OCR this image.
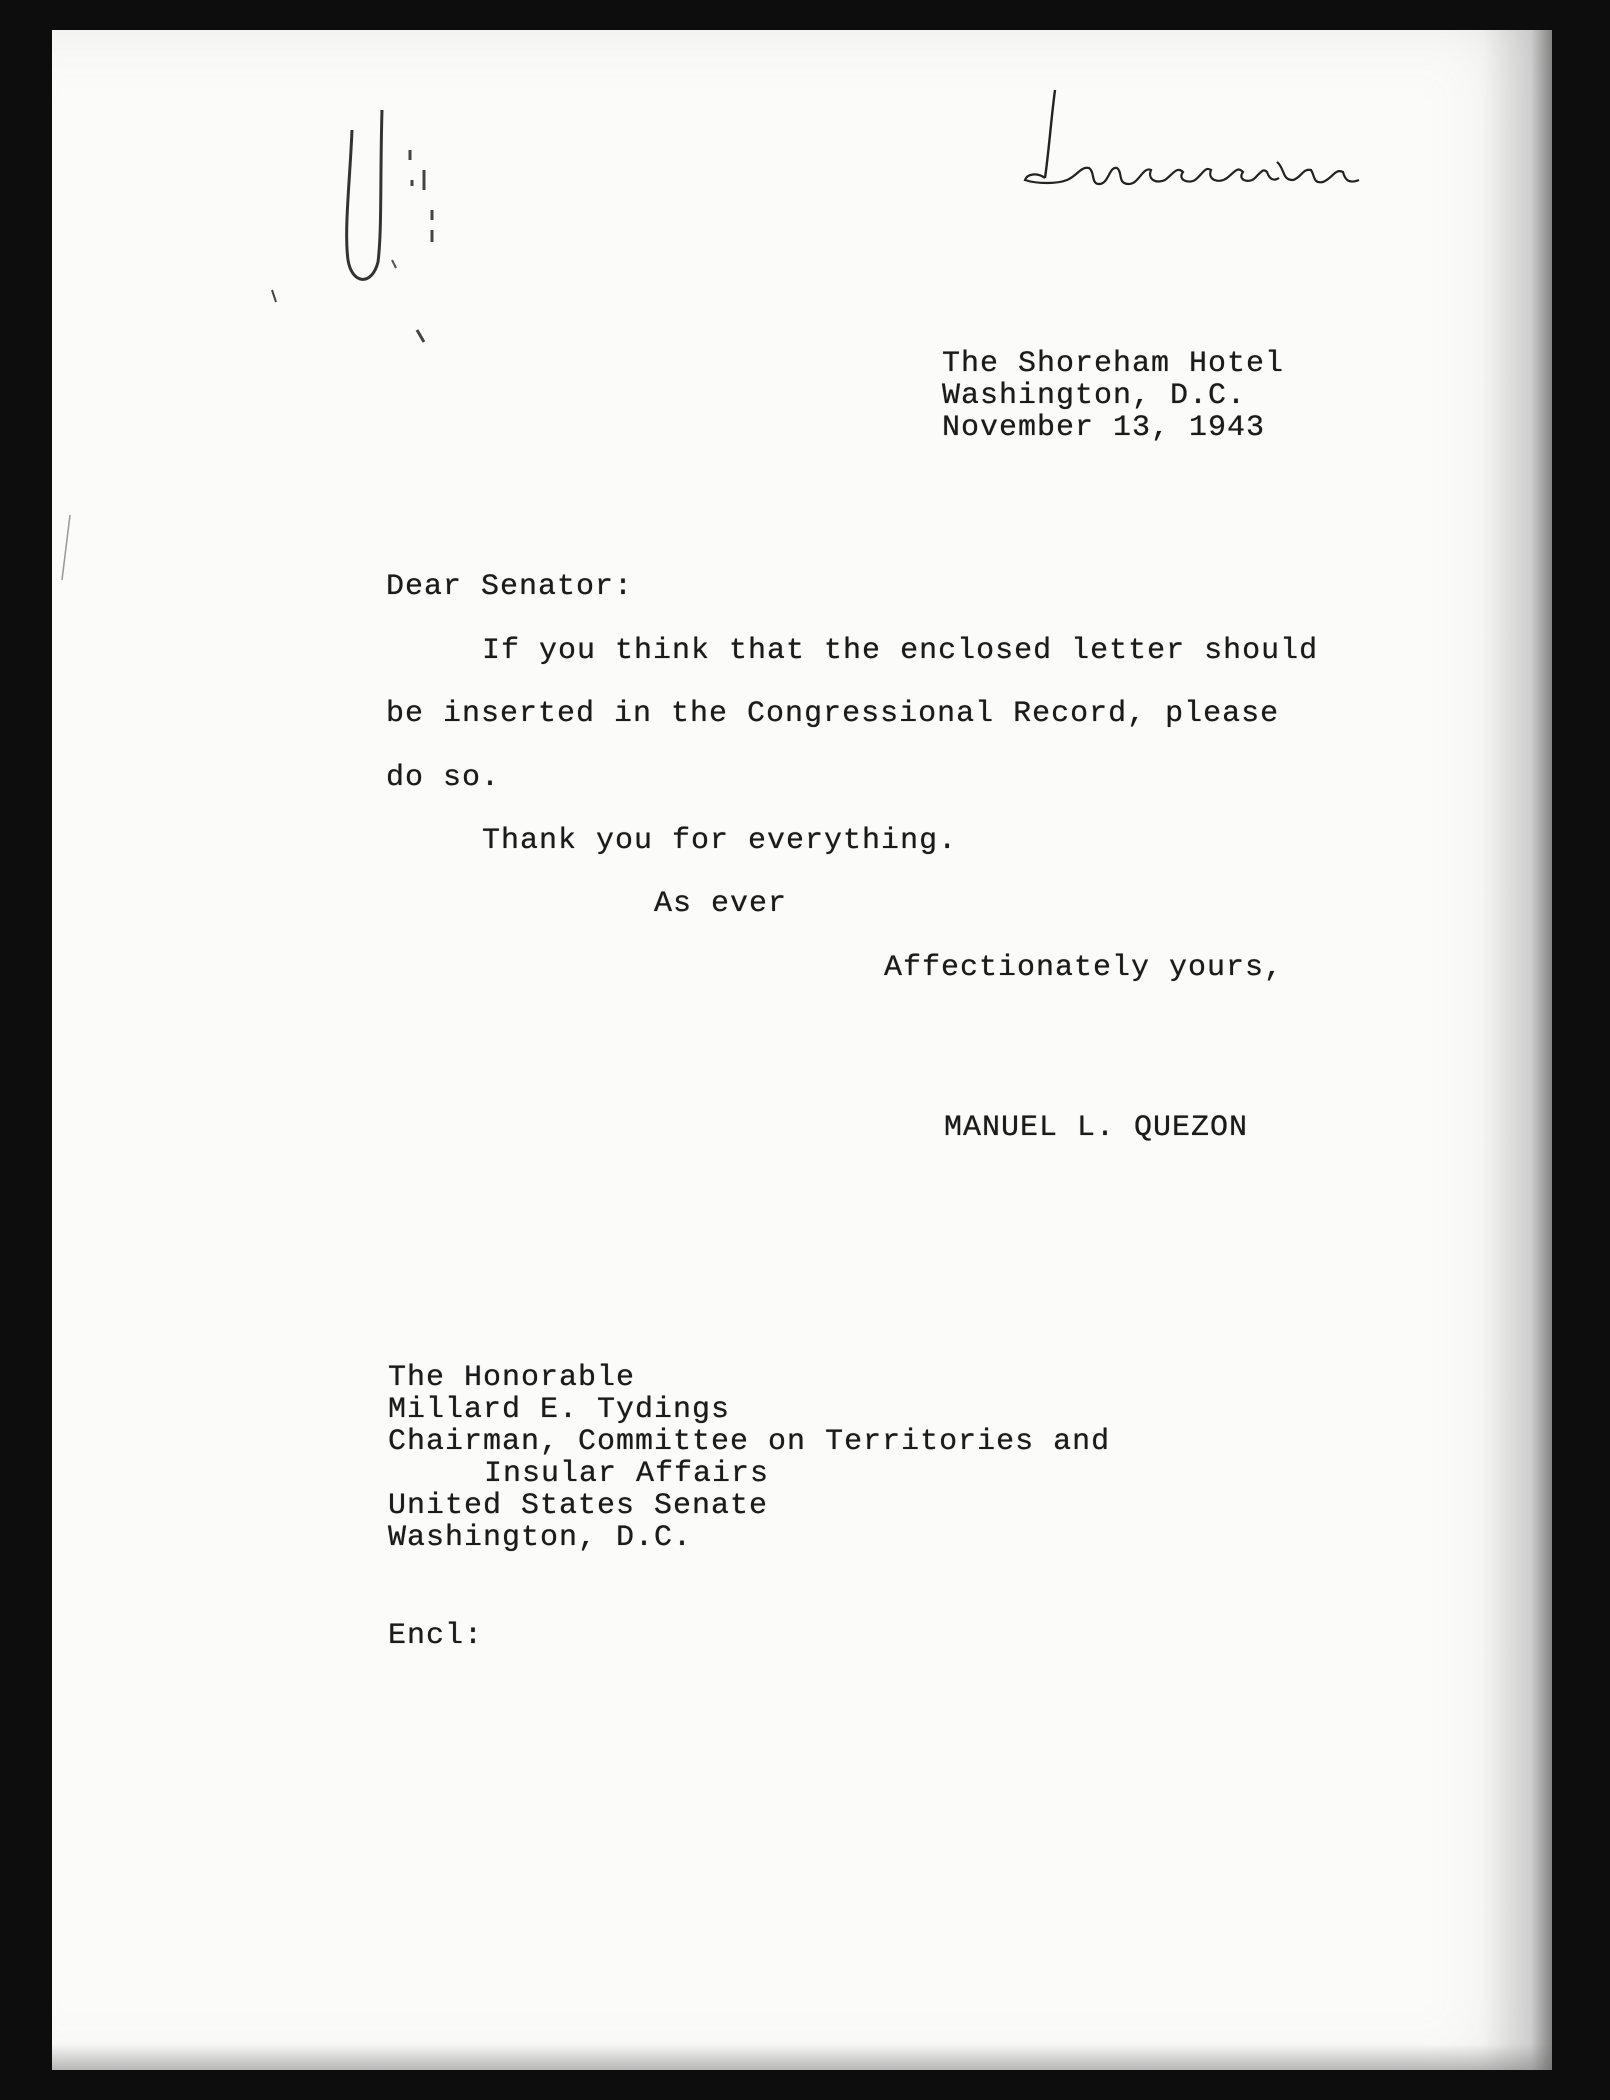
The Shoreham Hotel
Washington, D.C.
November 13, 1943
Dear Senator:
If you think that the enclosed letter should
be inserted in the Congressional Record, please
do so.
Thank you for everything.
As ever
Affectionately yours,
MANUEL L. QUEZON
The Honorable
Millard E. Tydings
Chairman, Committee on Territories and
Insular Affairs
United States Senate
Washington, D.C.
Encl:
